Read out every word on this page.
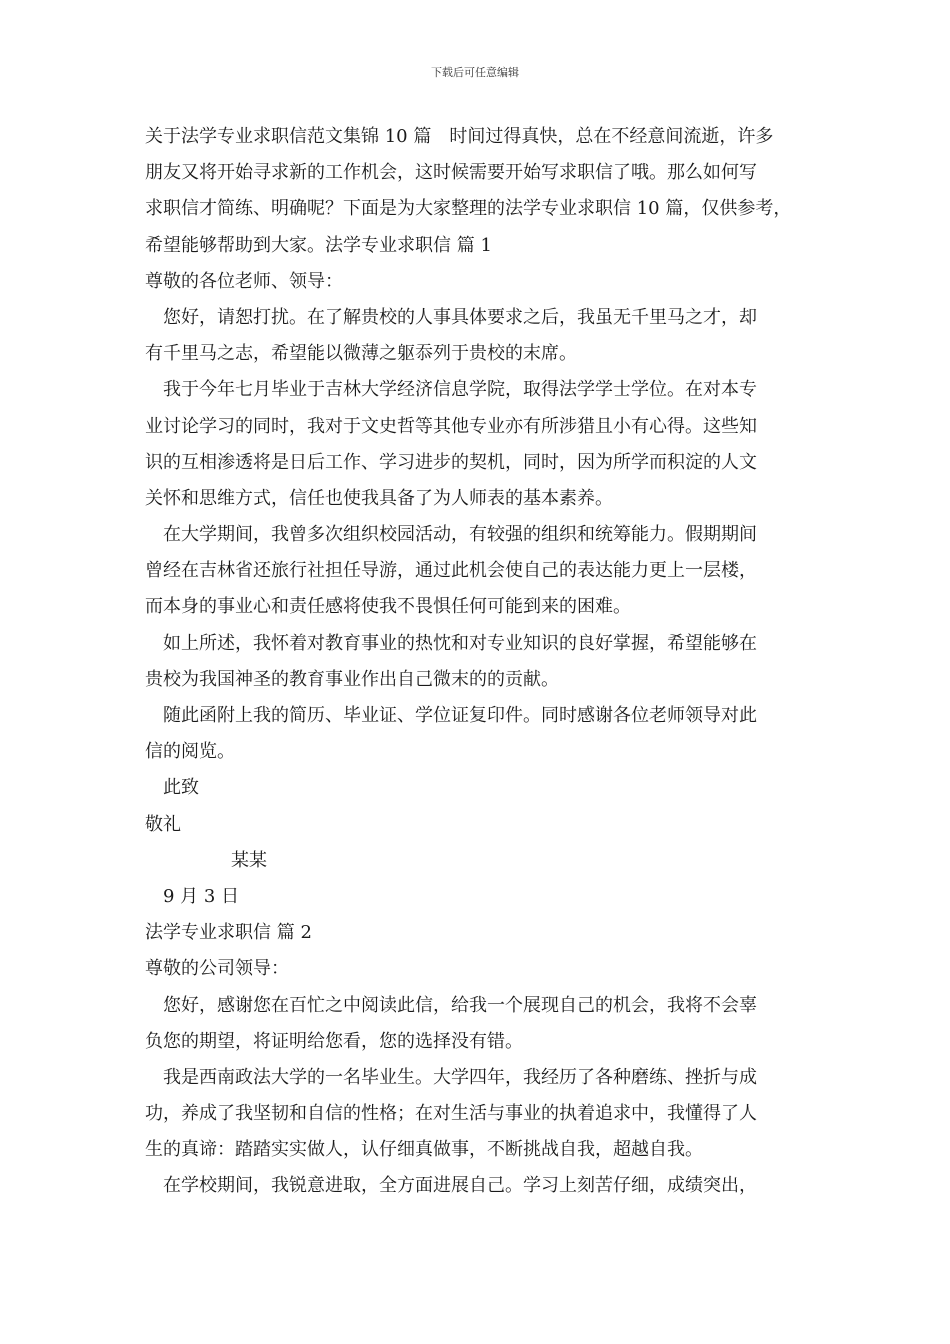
下载后可任意编辑
关于法学专业求职信范文集锦 10 篇　时间过得真快，总在不经意间流逝，许多
朋友又将开始寻求新的工作机会，这时候需要开始写求职信了哦。那么如何写
求职信才简练、明确呢？下面是为大家整理的法学专业求职信 10 篇，仅供参考，
希望能够帮助到大家。法学专业求职信 篇 1
尊敬的各位老师、领导：
您好，请恕打扰。在了解贵校的人事具体要求之后，我虽无千里马之才，却
有千里马之志，希望能以微薄之躯忝列于贵校的末席。
我于今年七月毕业于吉林大学经济信息学院，取得法学学士学位。在对本专
业讨论学习的同时，我对于文史哲等其他专业亦有所涉猎且小有心得。这些知
识的互相渗透将是日后工作、学习进步的契机，同时，因为所学而积淀的人文
关怀和思维方式，信任也使我具备了为人师表的基本素养。
在大学期间，我曾多次组织校园活动，有较强的组织和统筹能力。假期期间
曾经在吉林省还旅行社担任导游，通过此机会使自己的表达能力更上一层楼，
而本身的事业心和责任感将使我不畏惧任何可能到来的困难。
如上所述，我怀着对教育事业的热忱和对专业知识的良好掌握，希望能够在
贵校为我国神圣的教育事业作出自己微末的的贡献。
随此函附上我的简历、毕业证、学位证复印件。同时感谢各位老师领导对此
信的阅览。
此致
敬礼
某某
9 月 3 日
法学专业求职信 篇 2
尊敬的公司领导：
您好，感谢您在百忙之中阅读此信，给我一个展现自己的机会，我将不会辜
负您的期望，将证明给您看，您的选择没有错。
我是西南政法大学的一名毕业生。大学四年，我经历了各种磨练、挫折与成
功，养成了我坚韧和自信的性格；在对生活与事业的执着追求中，我懂得了人
生的真谛：踏踏实实做人，认仔细真做事，不断挑战自我，超越自我。
在学校期间，我锐意进取，全方面进展自己。学习上刻苦仔细，成绩突出，
